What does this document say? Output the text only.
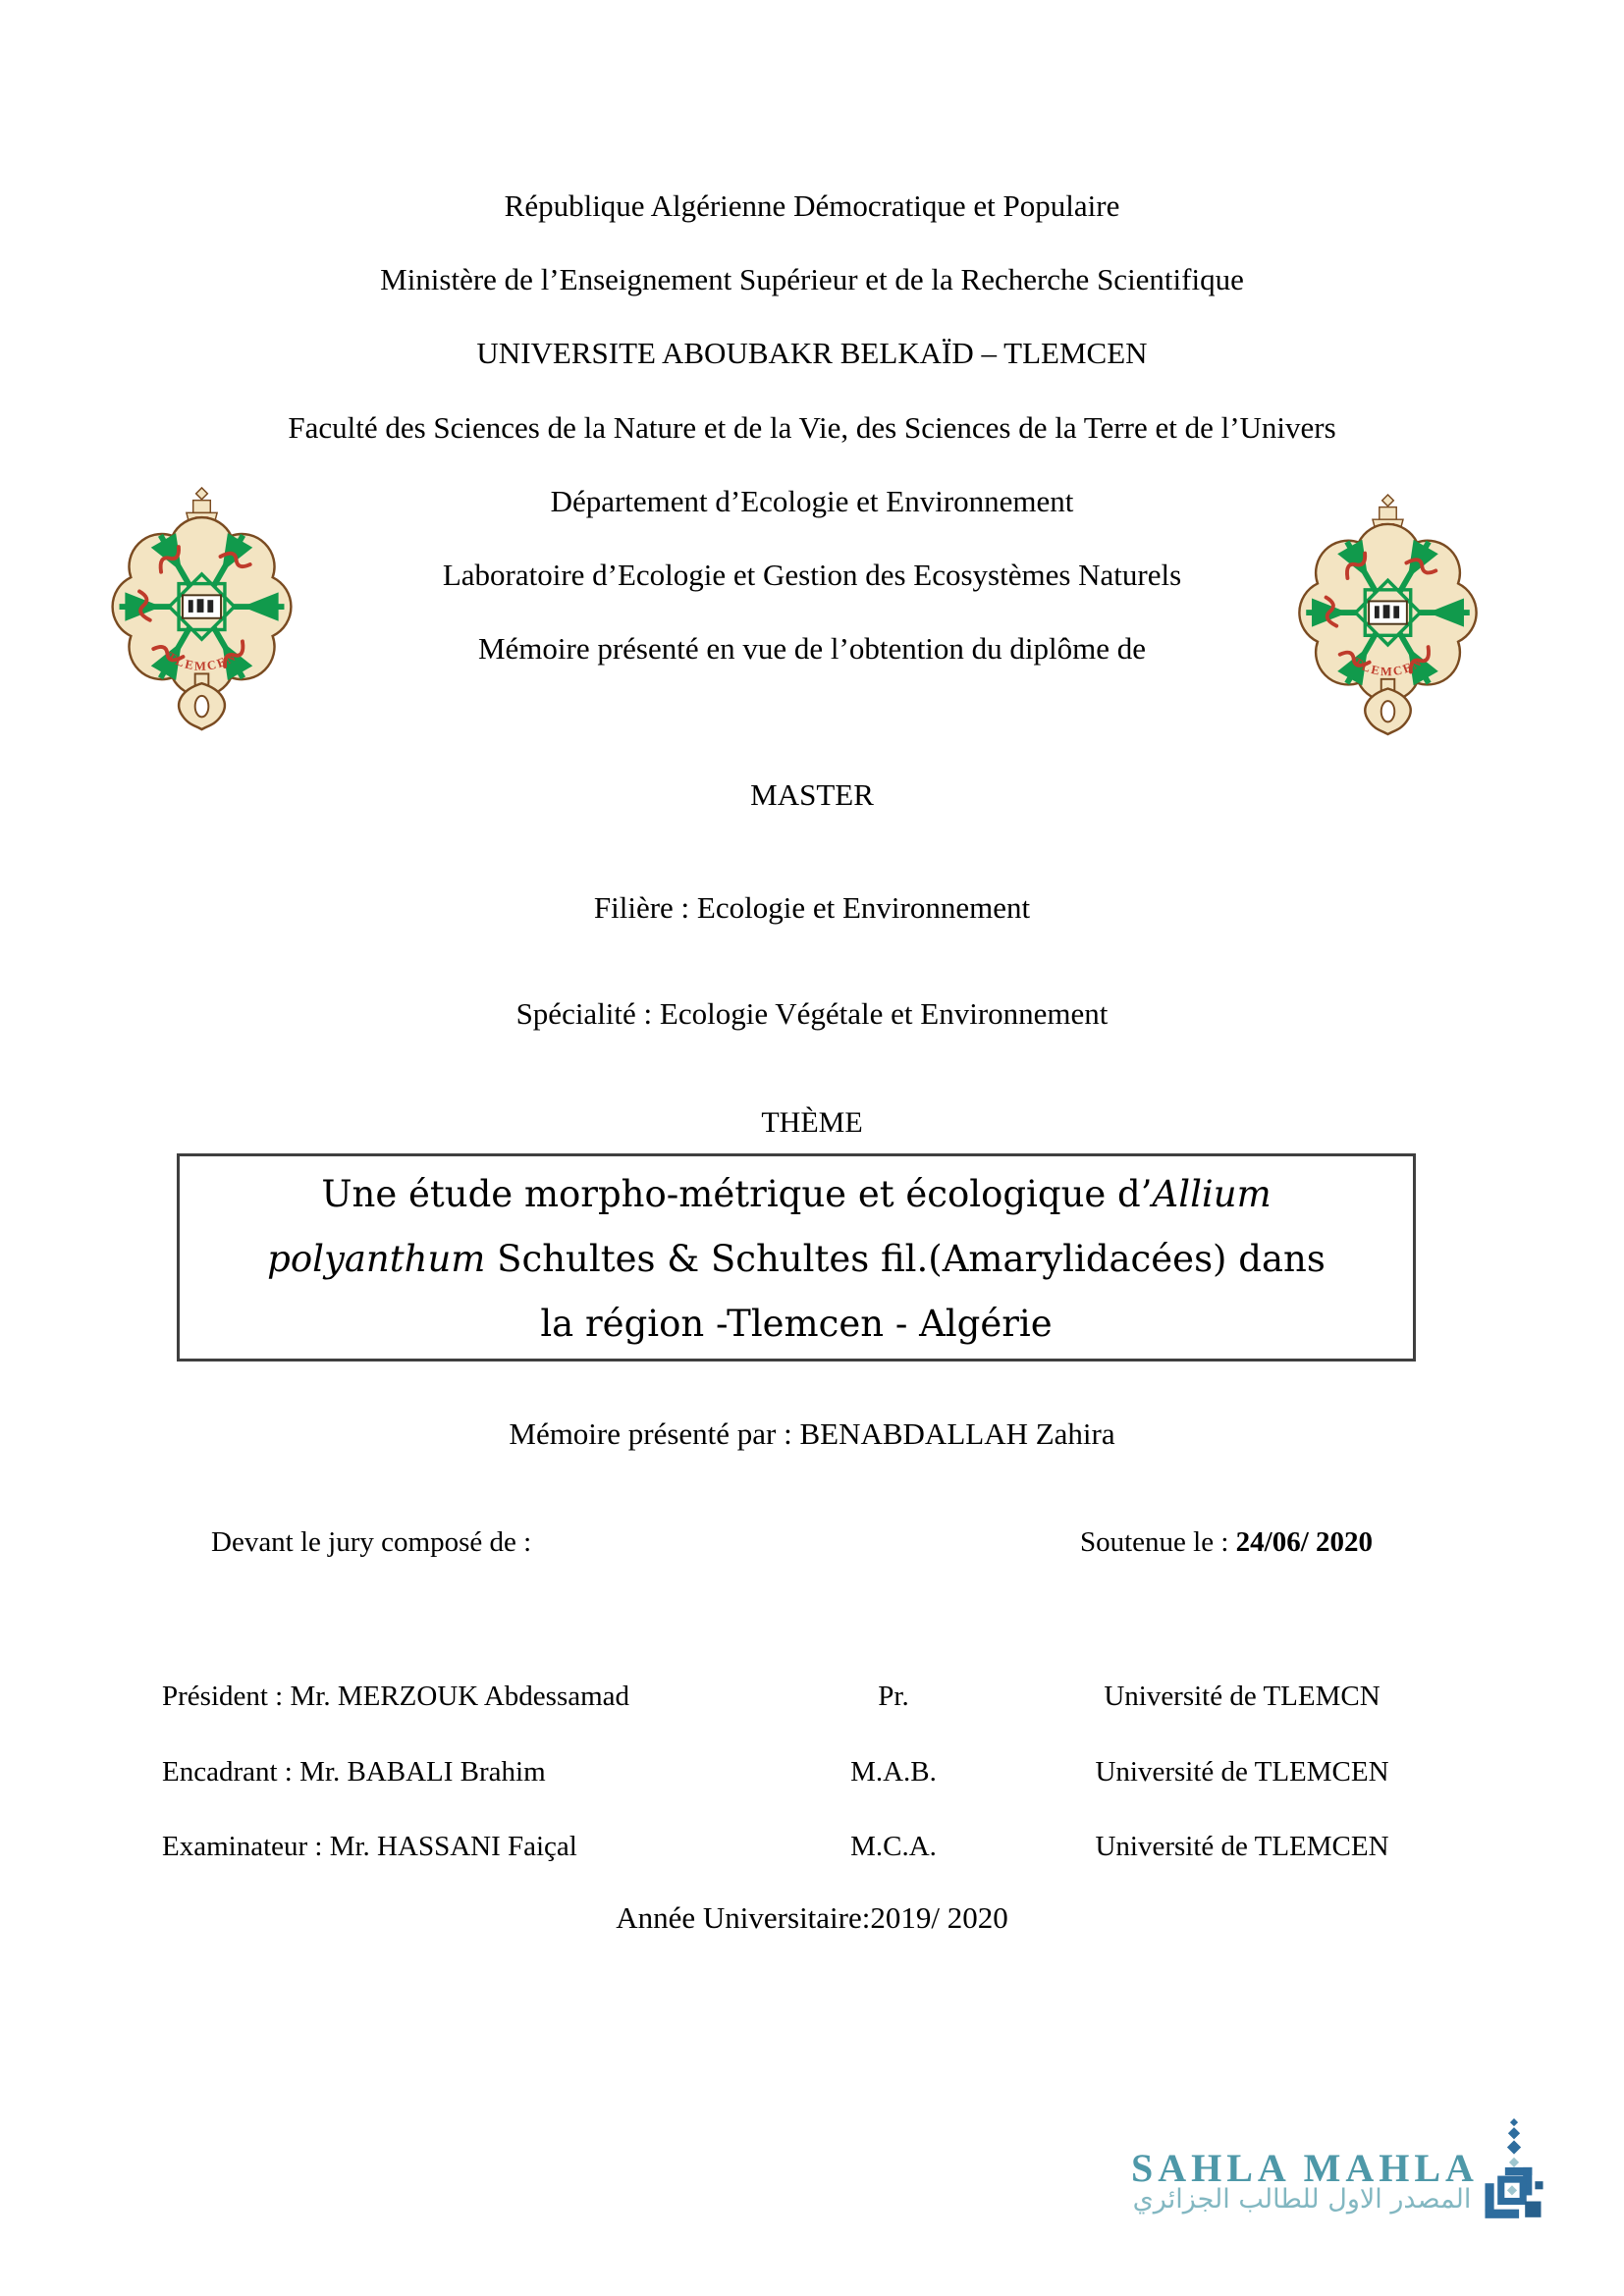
République Algérienne Démocratique et Populaire
Ministère de l’Enseignement Supérieur et de la Recherche Scientifique
UNIVERSITE ABOUBAKR BELKAÏD – TLEMCEN
Faculté des Sciences de la Nature et de la Vie, des Sciences de la Terre et de l’Univers
Département d’Ecologie et Environnement
Laboratoire d’Ecologie et Gestion des Ecosystèmes Naturels
Mémoire présenté en vue de l’obtention du diplôme de
MASTER
Filière : Ecologie et Environnement
Spécialité : Ecologie Végétale et Environnement
THÈME
Une étude morpho-métrique et écologique d’Allium
polyanthum Schultes & Schultes fil.(Amarylidacées) dans
la région -Tlemcen - Algérie
Mémoire présenté par : BENABDALLAH Zahira
Devant le jury composé de :	Soutenue le : 24/06/ 2020
Président : Mr. MERZOUK Abdessamad	Pr.	Université de TLEMCN
Encadrant : Mr. BABALI Brahim	M.A.B.	Université de TLEMCEN
Examinateur : Mr. HASSANI Faiçal	M.C.A.	Université de TLEMCEN
Année Universitaire:2019/ 2020
SAHLA MAHLA
المصدر الاول للطالب الجزائري
